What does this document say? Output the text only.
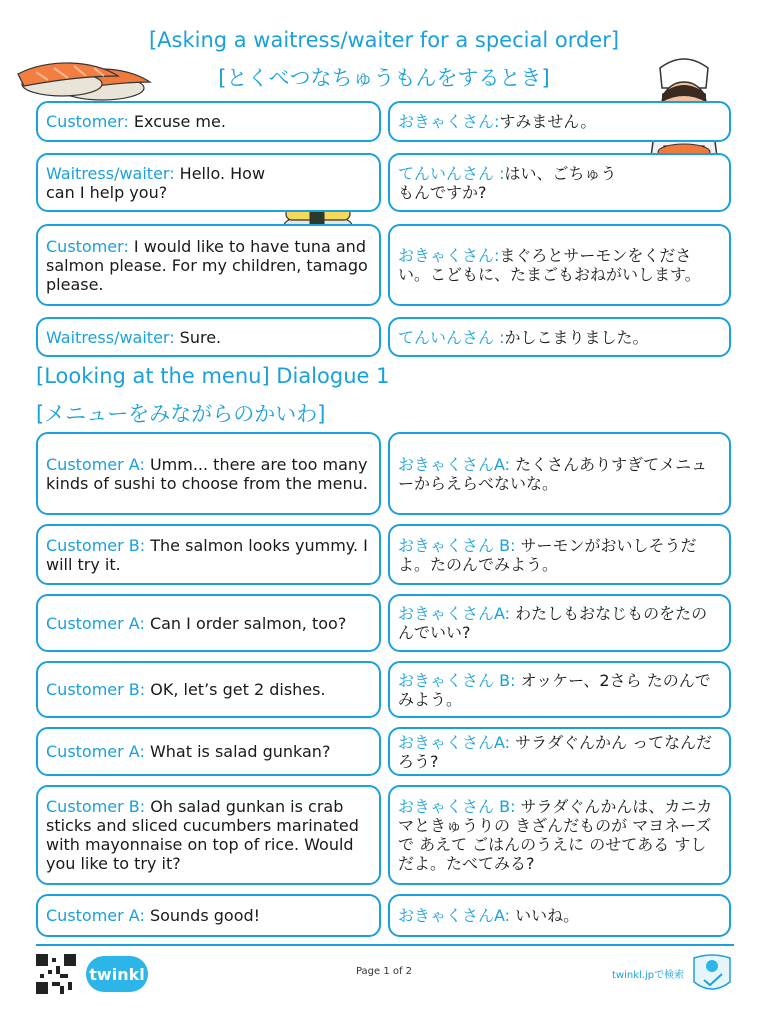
[Asking a waitress/waiter for a special order]
[とくべつなちゅうもんをするとき]
Customer: Excuse me.	おきゃくさん:すみません。
Waitress/waiter: Hello. How can I help you?
てんいんさん :はい、ごちゅうもんですか?
Customer: I would like to have tuna and salmon please. For my children, tamago please.
おきゃくさん:まぐろとサーモンをください。こどもに、たまごもおねがいします。
Waitress/waiter: Sure.	てんいんさん :かしこまりました。
[Looking at the menu] Dialogue 1
[メニューをみながらのかいわ]
Customer A: Umm... there are too many kinds of sushi to choose from the menu.
おきゃくさんA: たくさんありすぎてメニューからえらべないな。
Customer B: The salmon looks yummy. I will try it.
おきゃくさん B: サーモンがおいしそうだよ。たのんでみよう。
Customer A: Can I order salmon, too?	おきゃくさんA: わたしもおなじものをたのんでいい?
Customer B: OK, let’s get 2 dishes.	おきゃくさん B: オッケー、2さら たのんでみよう。
Customer A: What is salad gunkan?	おきゃくさんA: サラダぐんかん ってなんだろう?
Customer B: Oh salad gunkan is crab sticks and sliced cucumbers marinated with mayonnaise on top of rice. Would you like to try it?
おきゃくさん B: サラダぐんかんは、カニカマときゅうりの きざんだものが マヨネーズで あえて ごはんのうえに のせてある すしだよ。たべてみる?
Customer A: Sounds good!	おきゃくさんA: いいね。
twinkl	Page 1 of 2	twinkl.jpで検索
